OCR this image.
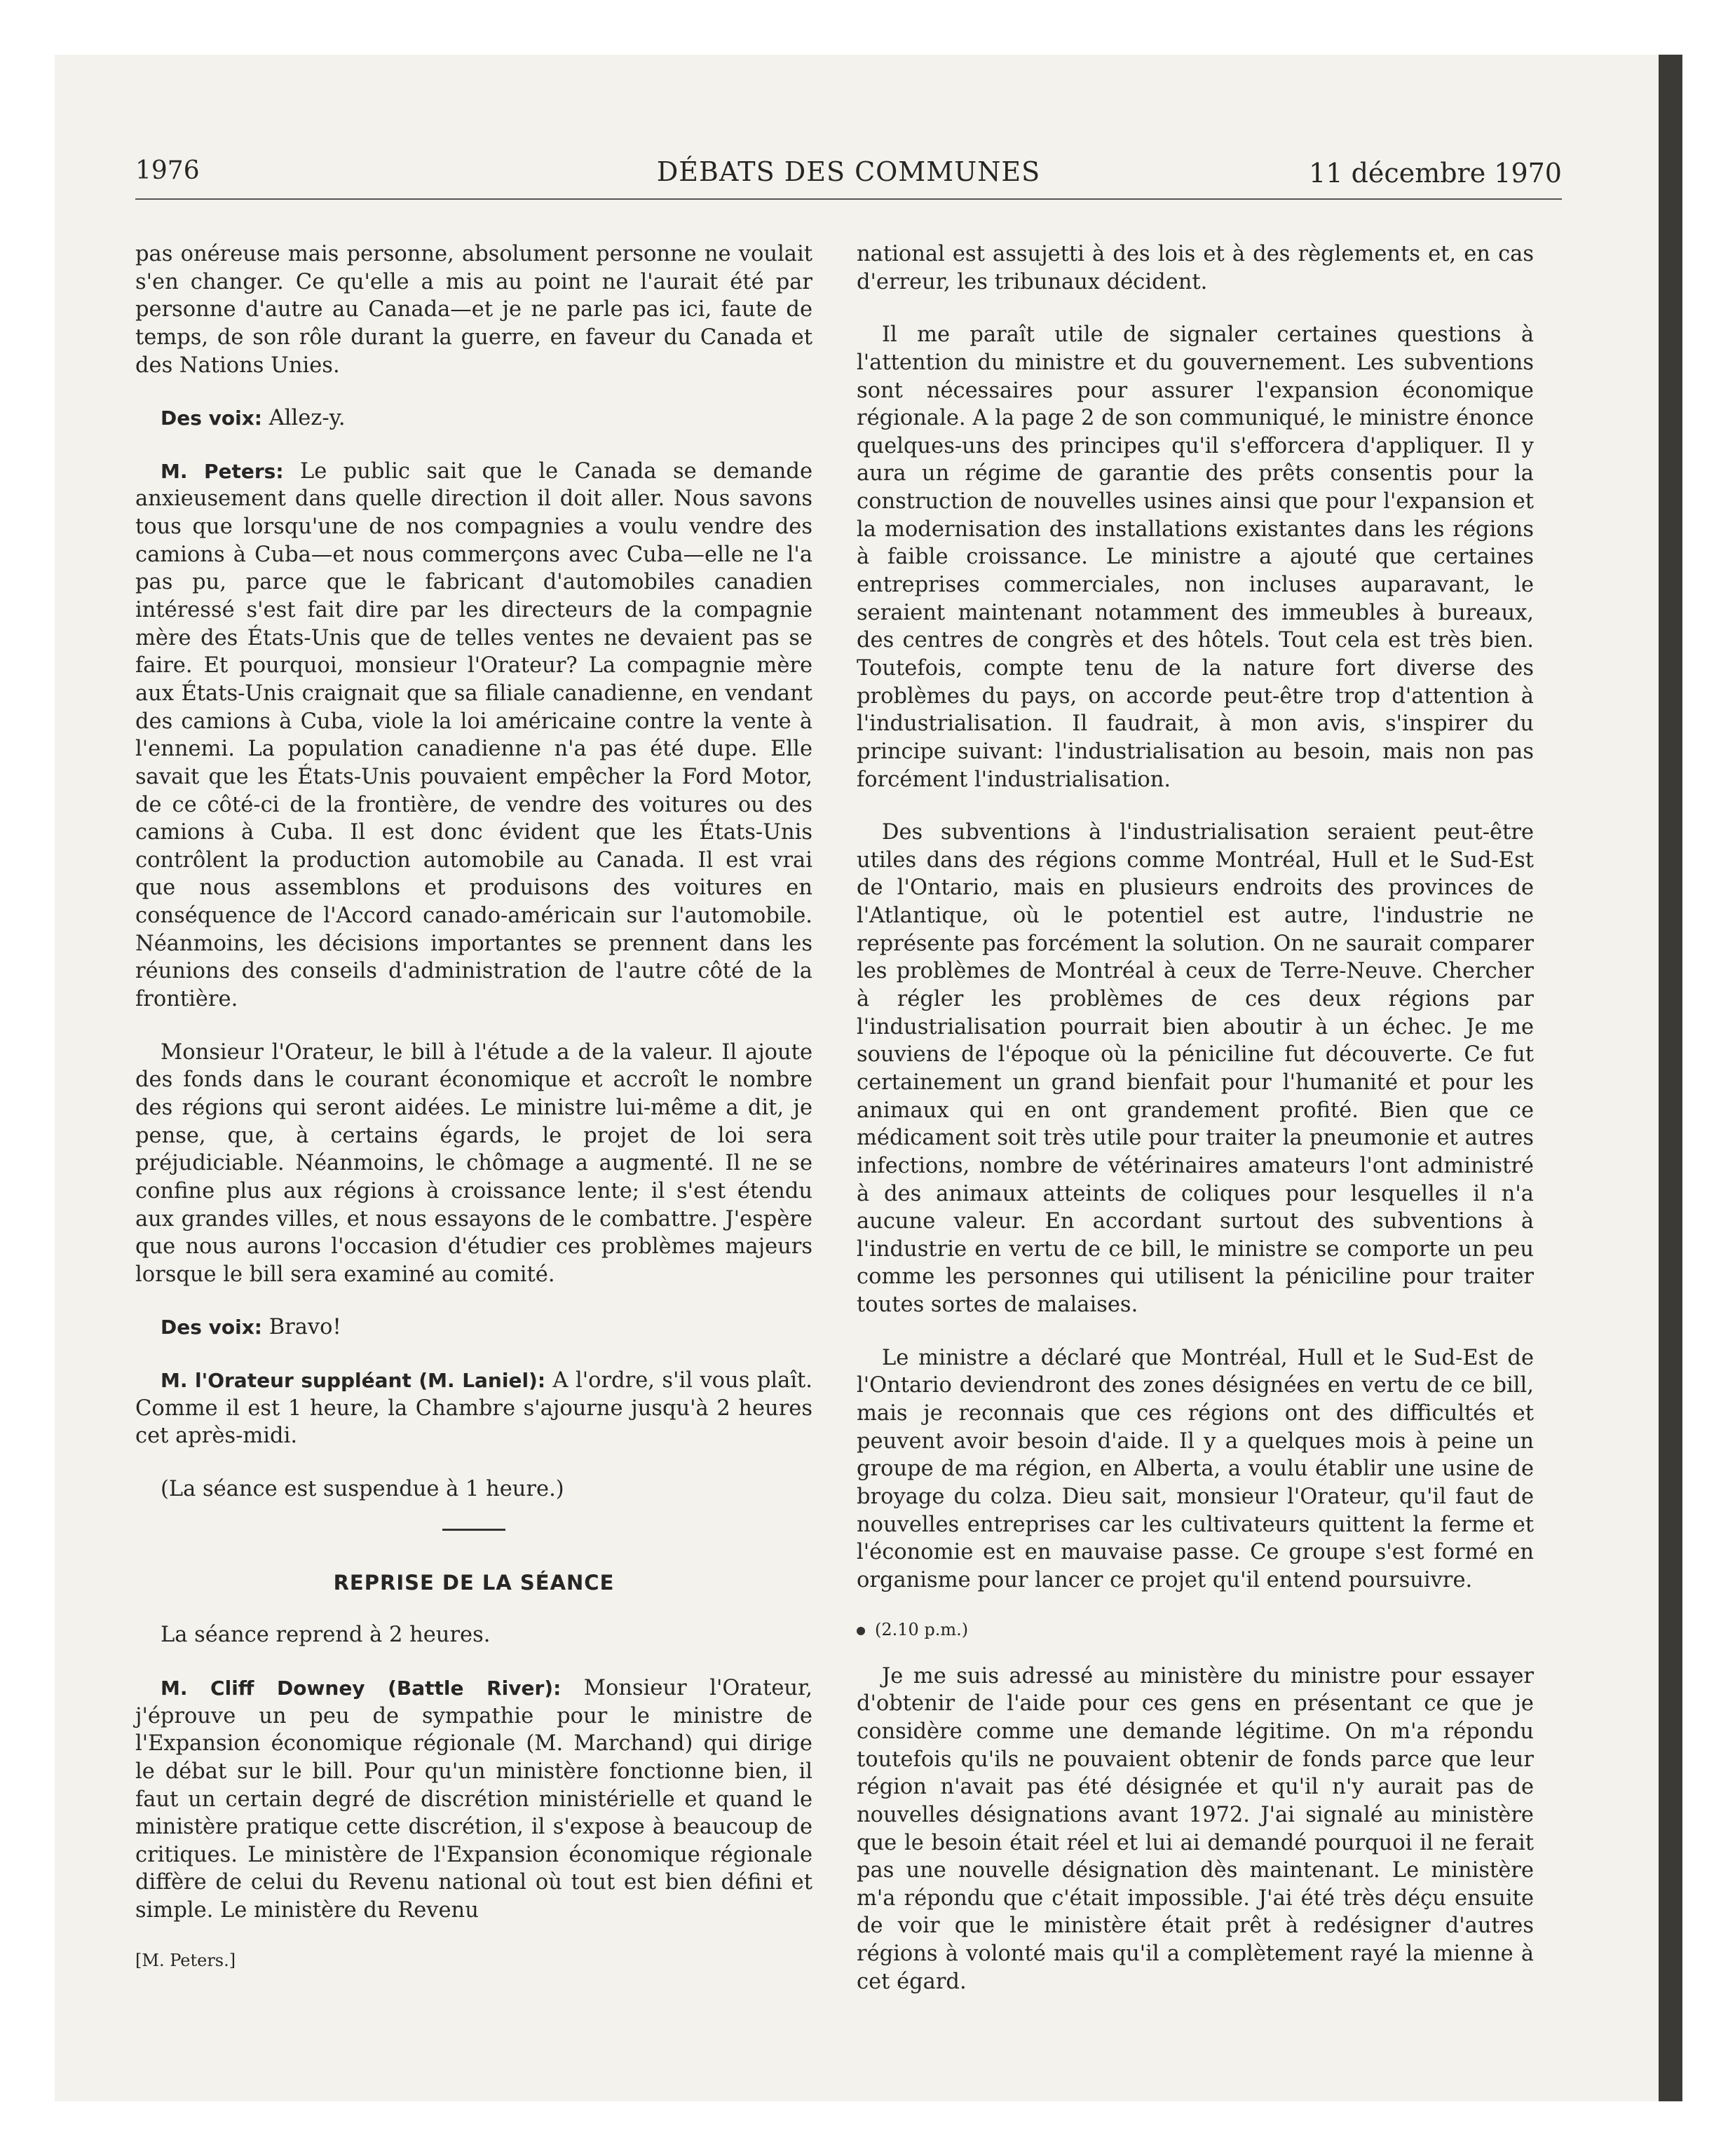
1976	DÉBATS DES COMMUNES	11 décembre 1970

pas onéreuse mais personne, absolument personne ne voulait s'en changer. Ce qu'elle a mis au point ne l'aurait été par personne d'autre au Canada—et je ne parle pas ici, faute de temps, de son rôle durant la guerre, en faveur du Canada et des Nations Unies.

Des voix: Allez-y.

M. Peters: Le public sait que le Canada se demande anxieusement dans quelle direction il doit aller. Nous savons tous que lorsqu'une de nos compagnies a voulu vendre des camions à Cuba—et nous commerçons avec Cuba—elle ne l'a pas pu, parce que le fabricant d'automobiles canadien intéressé s'est fait dire par les directeurs de la compagnie mère des États-Unis que de telles ventes ne devaient pas se faire. Et pourquoi, monsieur l'Orateur? La compagnie mère aux États-Unis craignait que sa filiale canadienne, en vendant des camions à Cuba, viole la loi américaine contre la vente à l'ennemi. La population canadienne n'a pas été dupe. Elle savait que les États-Unis pouvaient empêcher la Ford Motor, de ce côté-ci de la frontière, de vendre des voitures ou des camions à Cuba. Il est donc évident que les États-Unis contrôlent la production automobile au Canada. Il est vrai que nous assemblons et produisons des voitures en conséquence de l'Accord canado-américain sur l'automobile. Néanmoins, les décisions importantes se prennent dans les réunions des conseils d'administration de l'autre côté de la frontière.

Monsieur l'Orateur, le bill à l'étude a de la valeur. Il ajoute des fonds dans le courant économique et accroît le nombre des régions qui seront aidées. Le ministre lui-même a dit, je pense, que, à certains égards, le projet de loi sera préjudiciable. Néanmoins, le chômage a augmenté. Il ne se confine plus aux régions à croissance lente; il s'est étendu aux grandes villes, et nous essayons de le combattre. J'espère que nous aurons l'occasion d'étudier ces problèmes majeurs lorsque le bill sera examiné au comité.

Des voix: Bravo!

M. l'Orateur suppléant (M. Laniel): A l'ordre, s'il vous plaît. Comme il est 1 heure, la Chambre s'ajourne jusqu'à 2 heures cet après-midi.

(La séance est suspendue à 1 heure.)

REPRISE DE LA SÉANCE

La séance reprend à 2 heures.

M. Cliff Downey (Battle River): Monsieur l'Orateur, j'éprouve un peu de sympathie pour le ministre de l'Expansion économique régionale (M. Marchand) qui dirige le débat sur le bill. Pour qu'un ministère fonctionne bien, il faut un certain degré de discrétion ministérielle et quand le ministère pratique cette discrétion, il s'expose à beaucoup de critiques. Le ministère de l'Expansion économique régionale diffère de celui du Revenu national où tout est bien défini et simple. Le ministère du Revenu

[M. Peters.]

national est assujetti à des lois et à des règlements et, en cas d'erreur, les tribunaux décident.

Il me paraît utile de signaler certaines questions à l'attention du ministre et du gouvernement. Les subventions sont nécessaires pour assurer l'expansion économique régionale. A la page 2 de son communiqué, le ministre énonce quelques-uns des principes qu'il s'efforcera d'appliquer. Il y aura un régime de garantie des prêts consentis pour la construction de nouvelles usines ainsi que pour l'expansion et la modernisation des installations existantes dans les régions à faible croissance. Le ministre a ajouté que certaines entreprises commerciales, non incluses auparavant, le seraient maintenant notamment des immeubles à bureaux, des centres de congrès et des hôtels. Tout cela est très bien. Toutefois, compte tenu de la nature fort diverse des problèmes du pays, on accorde peut-être trop d'attention à l'industrialisation. Il faudrait, à mon avis, s'inspirer du principe suivant: l'industrialisation au besoin, mais non pas forcément l'industrialisation.

Des subventions à l'industrialisation seraient peut-être utiles dans des régions comme Montréal, Hull et le Sud-Est de l'Ontario, mais en plusieurs endroits des provinces de l'Atlantique, où le potentiel est autre, l'industrie ne représente pas forcément la solution. On ne saurait comparer les problèmes de Montréal à ceux de Terre-Neuve. Chercher à régler les problèmes de ces deux régions par l'industrialisation pourrait bien aboutir à un échec. Je me souviens de l'époque où la péniciline fut découverte. Ce fut certainement un grand bienfait pour l'humanité et pour les animaux qui en ont grandement profité. Bien que ce médicament soit très utile pour traiter la pneumonie et autres infections, nombre de vétérinaires amateurs l'ont administré à des animaux atteints de coliques pour lesquelles il n'a aucune valeur. En accordant surtout des subventions à l'industrie en vertu de ce bill, le ministre se comporte un peu comme les personnes qui utilisent la péniciline pour traiter toutes sortes de malaises.

Le ministre a déclaré que Montréal, Hull et le Sud-Est de l'Ontario deviendront des zones désignées en vertu de ce bill, mais je reconnais que ces régions ont des difficultés et peuvent avoir besoin d'aide. Il y a quelques mois à peine un groupe de ma région, en Alberta, a voulu établir une usine de broyage du colza. Dieu sait, monsieur l'Orateur, qu'il faut de nouvelles entreprises car les cultivateurs quittent la ferme et l'économie est en mauvaise passe. Ce groupe s'est formé en organisme pour lancer ce projet qu'il entend poursuivre.

(2.10 p.m.)

Je me suis adressé au ministère du ministre pour essayer d'obtenir de l'aide pour ces gens en présentant ce que je considère comme une demande légitime. On m'a répondu toutefois qu'ils ne pouvaient obtenir de fonds parce que leur région n'avait pas été désignée et qu'il n'y aurait pas de nouvelles désignations avant 1972. J'ai signalé au ministère que le besoin était réel et lui ai demandé pourquoi il ne ferait pas une nouvelle désignation dès maintenant. Le ministère m'a répondu que c'était impossible. J'ai été très déçu ensuite de voir que le ministère était prêt à redésigner d'autres régions à volonté mais qu'il a complètement rayé la mienne à cet égard.
